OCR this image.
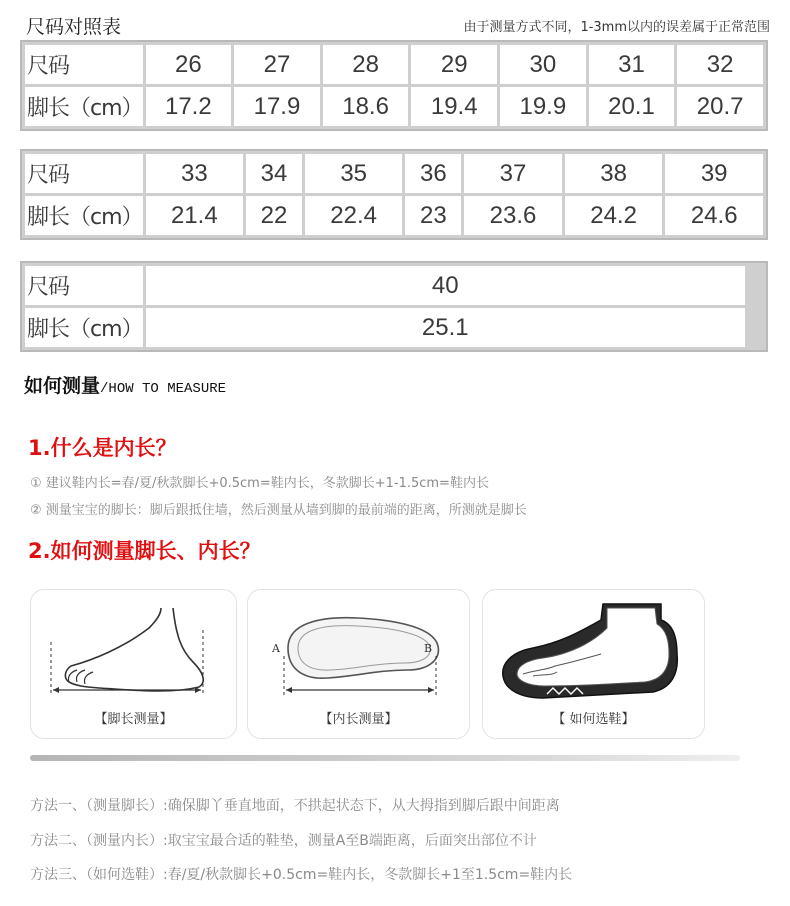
尺码对照表	由于测量方式不同，1-3mm以内的误差属于正常范围
尺码	26	27	28	29	30	31	32
脚长（cm）	17.2	17.9	18.6	19.4	19.9	20.1	20.7
尺码	33	34	35	36	37	38	39
脚长（cm）	21.4	22	22.4	23	23.6	24.2	24.6
尺码	40						
脚长（cm）	25.1						
如何测量/HOW TO MEASURE
1.什么是内长？
① 建议鞋内长=春/夏/秋款脚长+0.5cm=鞋内长，冬款脚长+1-1.5cm=鞋内长
② 测量宝宝的脚长：脚后跟抵住墙，然后测量从墙到脚的最前端的距离，所测就是脚长
2.如何测量脚长、内长？
【脚长测量】
A	B
【内长测量】	【 如何选鞋】
方法一、（测量脚长）:确保脚丫垂直地面，不拱起状态下，从大拇指到脚后跟中间距离
方法二、（测量内长）:取宝宝最合适的鞋垫，测量A至B端距离，后面突出部位不计
方法三、（如何选鞋）:春/夏/秋款脚长+0.5cm=鞋内长，冬款脚长+1至1.5cm=鞋内长
